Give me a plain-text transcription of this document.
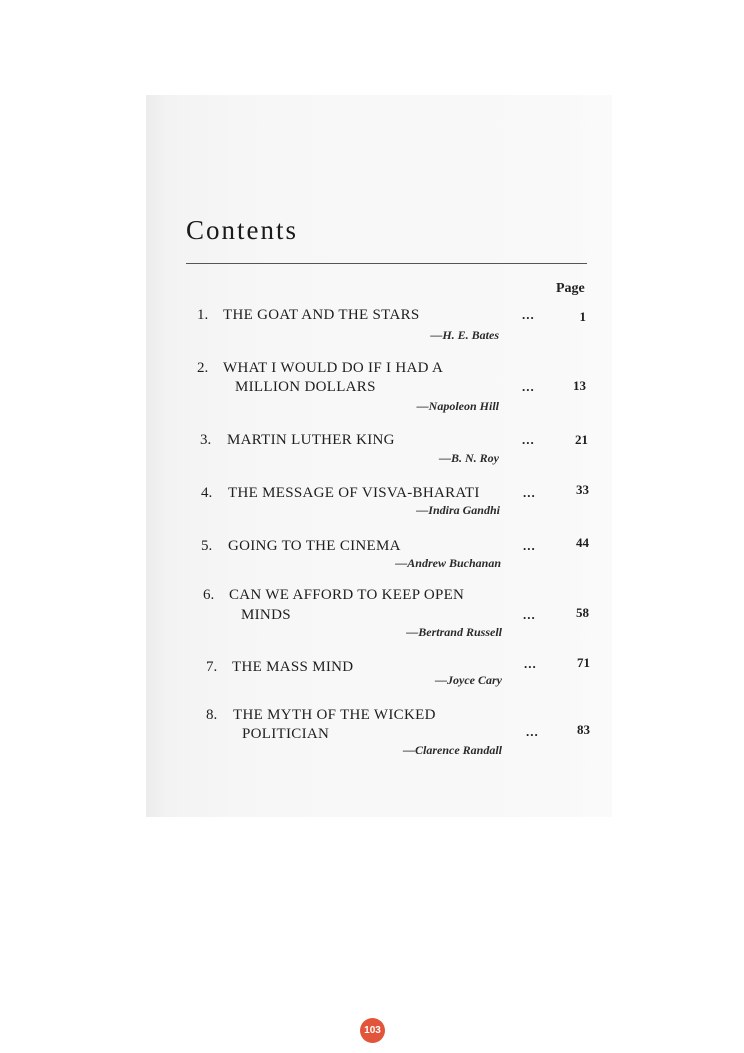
Contents
Page
1. THE GOAT AND THE STARS
—H. E. Bates
...	1
2. WHAT I WOULD DO IF I HAD A
MILLION DOLLARS
—Napoleon Hill
...	13
3. MARTIN LUTHER KING
—B. N. Roy
...	21
4. THE MESSAGE OF VISVA-BHARATI
—Indira Gandhi
...	33
5. GOING TO THE CINEMA
—Andrew Buchanan
...	44
6. CAN WE AFFORD TO KEEP OPEN
MINDS
—Bertrand Russell
...	58
7. THE MASS MIND
—Joyce Cary
...	71
8. THE MYTH OF THE WICKED
POLITICIAN
—Clarence Randall
...	83
103
